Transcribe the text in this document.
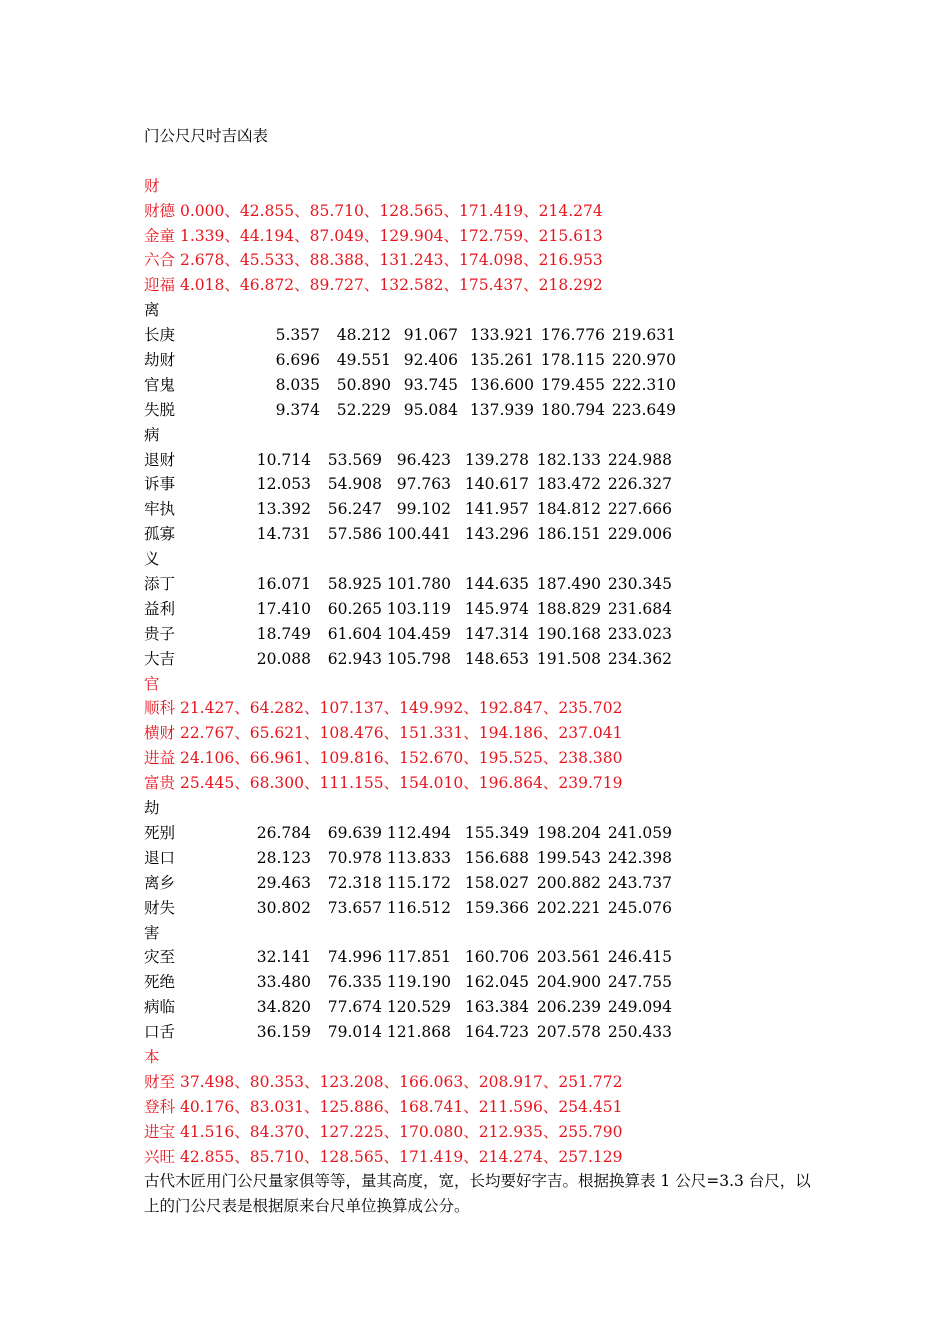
门公尺尺吋吉凶表
财
财德 0.000、42.855、85.710、128.565、171.419、214.274
金童 1.339、44.194、87.049、129.904、172.759、215.613
六合 2.678、45.533、88.388、131.243、174.098、216.953
迎福 4.018、46.872、89.727、132.582、175.437、218.292
离
长庚	5.357 48.212 91.067 133.921 176.776 219.631
劫财	6.696 49.551 92.406 135.261 178.115 220.970
官鬼	8.035 50.890 93.745 136.600 179.455 222.310
失脱	9.374 52.229 95.084 137.939 180.794 223.649
病
退财	10.714 53.569 96.423 139.278 182.133 224.988
诉事	12.053 54.908 97.763 140.617 183.472 226.327
牢执	13.392 56.247 99.102 141.957 184.812 227.666
孤寡	14.731 57.586 100.441 143.296 186.151 229.006
义
添丁	16.071 58.925 101.780 144.635 187.490 230.345
益利	17.410 60.265 103.119 145.974 188.829 231.684
贵子	18.749 61.604 104.459 147.314 190.168 233.023
大吉	20.088 62.943 105.798 148.653 191.508 234.362
官
顺科 21.427、64.282、107.137、149.992、192.847、235.702
横财 22.767、65.621、108.476、151.331、194.186、237.041
进益 24.106、66.961、109.816、152.670、195.525、238.380
富贵 25.445、68.300、111.155、154.010、196.864、239.719
劫
死别	26.784 69.639 112.494 155.349 198.204 241.059
退口	28.123 70.978 113.833 156.688 199.543 242.398
离乡	29.463 72.318 115.172 158.027 200.882 243.737
财失	30.802 73.657 116.512 159.366 202.221 245.076
害
灾至	32.141 74.996 117.851 160.706 203.561 246.415
死绝	33.480 76.335 119.190 162.045 204.900 247.755
病临	34.820 77.674 120.529 163.384 206.239 249.094
口舌	36.159 79.014 121.868 164.723 207.578 250.433
本
财至 37.498、80.353、123.208、166.063、208.917、251.772
登科 40.176、83.031、125.886、168.741、211.596、254.451
进宝 41.516、84.370、127.225、170.080、212.935、255.790
兴旺 42.855、85.710、128.565、171.419、214.274、257.129
古代木匠用门公尺量家俱等等，量其高度，宽，长均要好字吉。根据换算表 1 公尺=3.3 台尺，以上的门公尺表是根据原来台尺单位换算成公分。
